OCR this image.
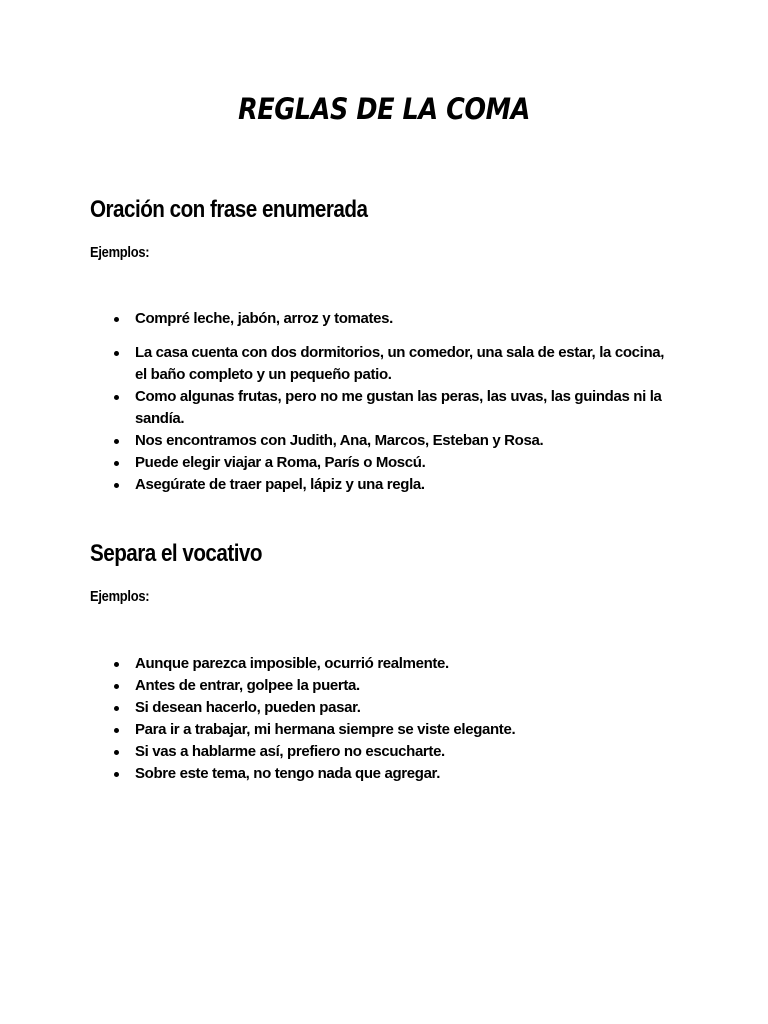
REGLAS DE LA COMA
Oración con frase enumerada

Ejemplos:

Compré leche, jabón, arroz y tomates.
La casa cuenta con dos dormitorios, un comedor, una sala de estar, la cocina, el baño completo y un pequeño patio.
Como algunas frutas, pero no me gustan las peras, las uvas, las guindas ni la sandía.
Nos encontramos con Judith, Ana, Marcos, Esteban y Rosa.
Puede elegir viajar a Roma, París o Moscú.
Asegúrate de traer papel, lápiz y una regla.
Separa el vocativo

Ejemplos:

Aunque parezca imposible, ocurrió realmente.
Antes de entrar, golpee la puerta.
Si desean hacerlo, pueden pasar.
Para ir a trabajar, mi hermana siempre se viste elegante.
Si vas a hablarme así, prefiero no escucharte.
Sobre este tema, no tengo nada que agregar.
